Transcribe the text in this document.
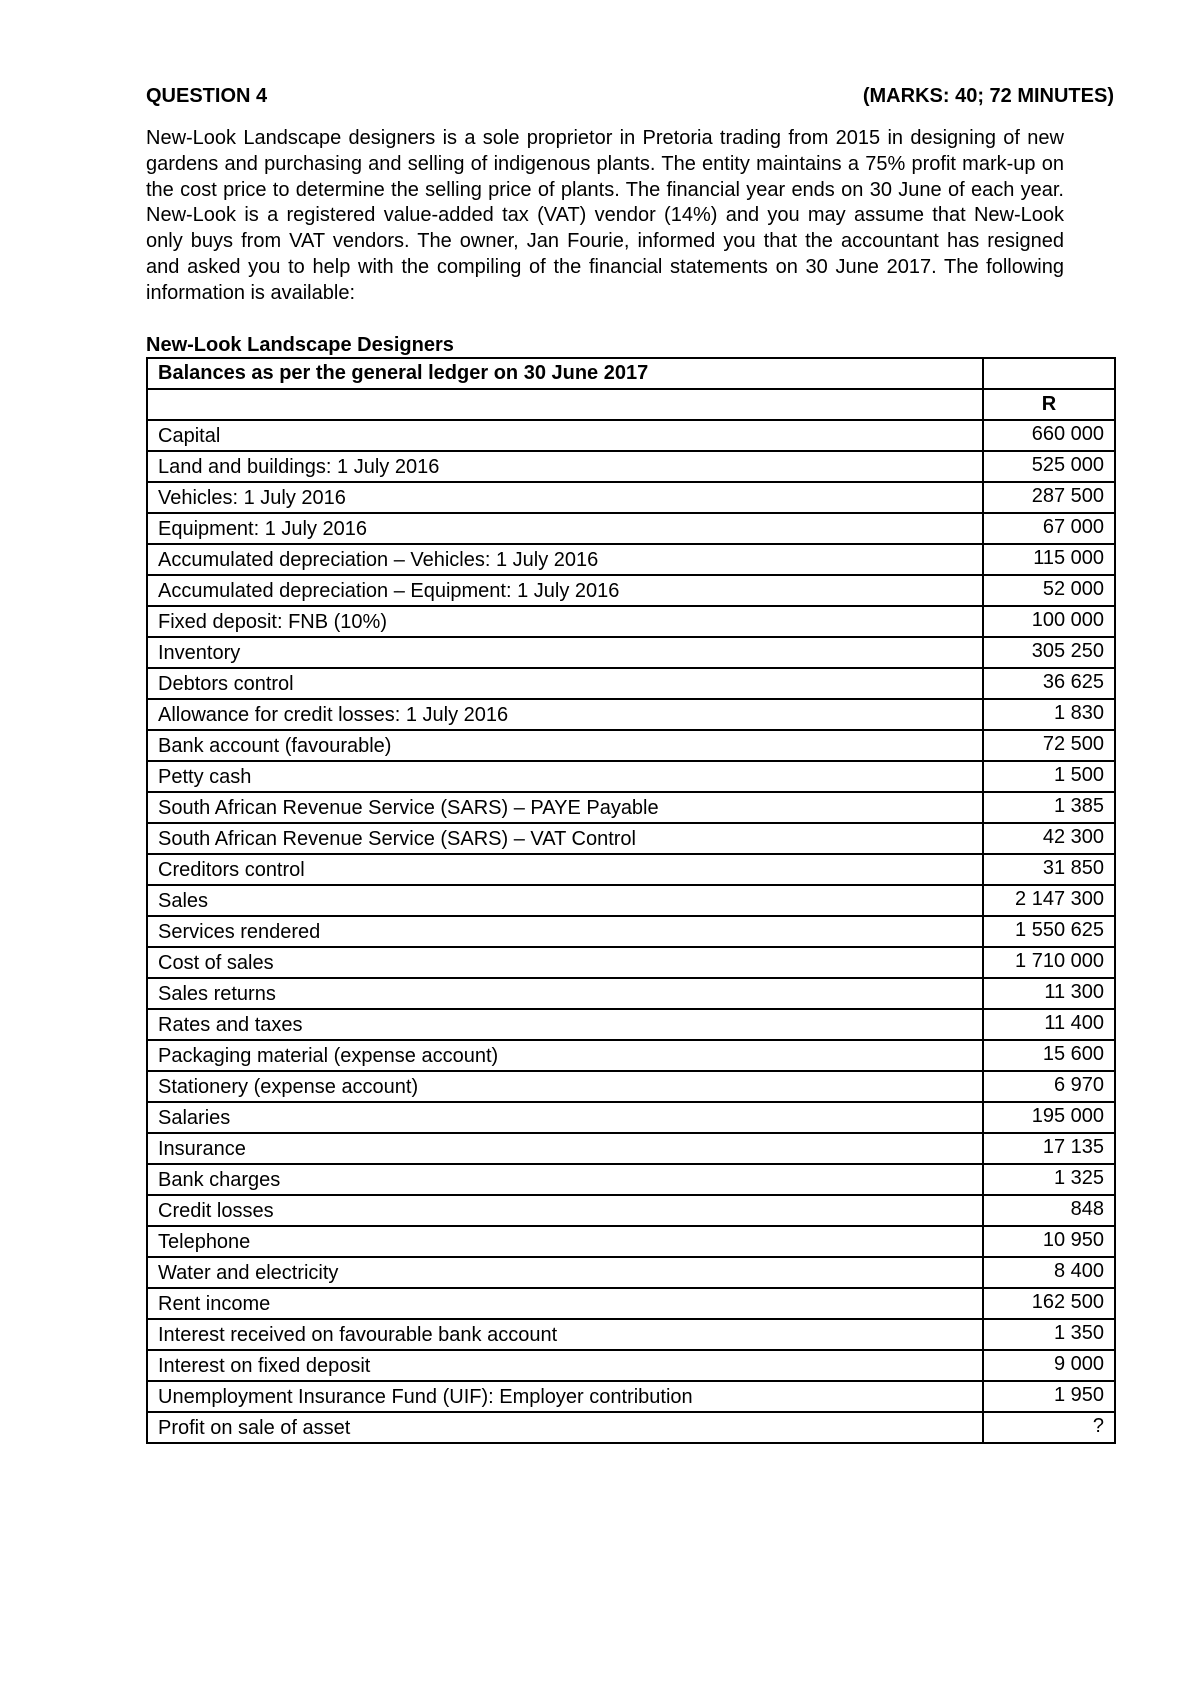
QUESTION 4	(MARKS: 40; 72 MINUTES)
New-Look Landscape designers is a sole proprietor in Pretoria trading from 2015 in designing of new gardens and purchasing and selling of indigenous plants. The entity maintains a 75% profit mark-up on the cost price to determine the selling price of plants. The financial year ends on 30 June of each year. New-Look is a registered value-added tax (VAT) vendor (14%) and you may assume that New-Look only buys from VAT vendors. The owner, Jan Fourie, informed you that the accountant has resigned and asked you to help with the compiling of the financial statements on 30 June 2017. The following information is available:
New-Look Landscape Designers
Balances as per the general ledger on 30 June 2017	
	R
Capital	660 000
Land and buildings: 1 July 2016	525 000
Vehicles: 1 July 2016	287 500
Equipment: 1 July 2016	67 000
Accumulated depreciation – Vehicles: 1 July 2016	115 000
Accumulated depreciation – Equipment: 1 July 2016	52 000
Fixed deposit: FNB (10%)	100 000
Inventory	305 250
Debtors control	36 625
Allowance for credit losses: 1 July 2016	1 830
Bank account (favourable)	72 500
Petty cash	1 500
South African Revenue Service (SARS) – PAYE Payable	1 385
South African Revenue Service (SARS) – VAT Control	42 300
Creditors control	31 850
Sales	2 147 300
Services rendered	1 550 625
Cost of sales	1 710 000
Sales returns	11 300
Rates and taxes	11 400
Packaging material (expense account)	15 600
Stationery (expense account)	6 970
Salaries	195 000
Insurance	17 135
Bank charges	1 325
Credit losses	848
Telephone	10 950
Water and electricity	8 400
Rent income	162 500
Interest received on favourable bank account	1 350
Interest on fixed deposit	9 000
Unemployment Insurance Fund (UIF): Employer contribution	1 950
Profit on sale of asset	?
